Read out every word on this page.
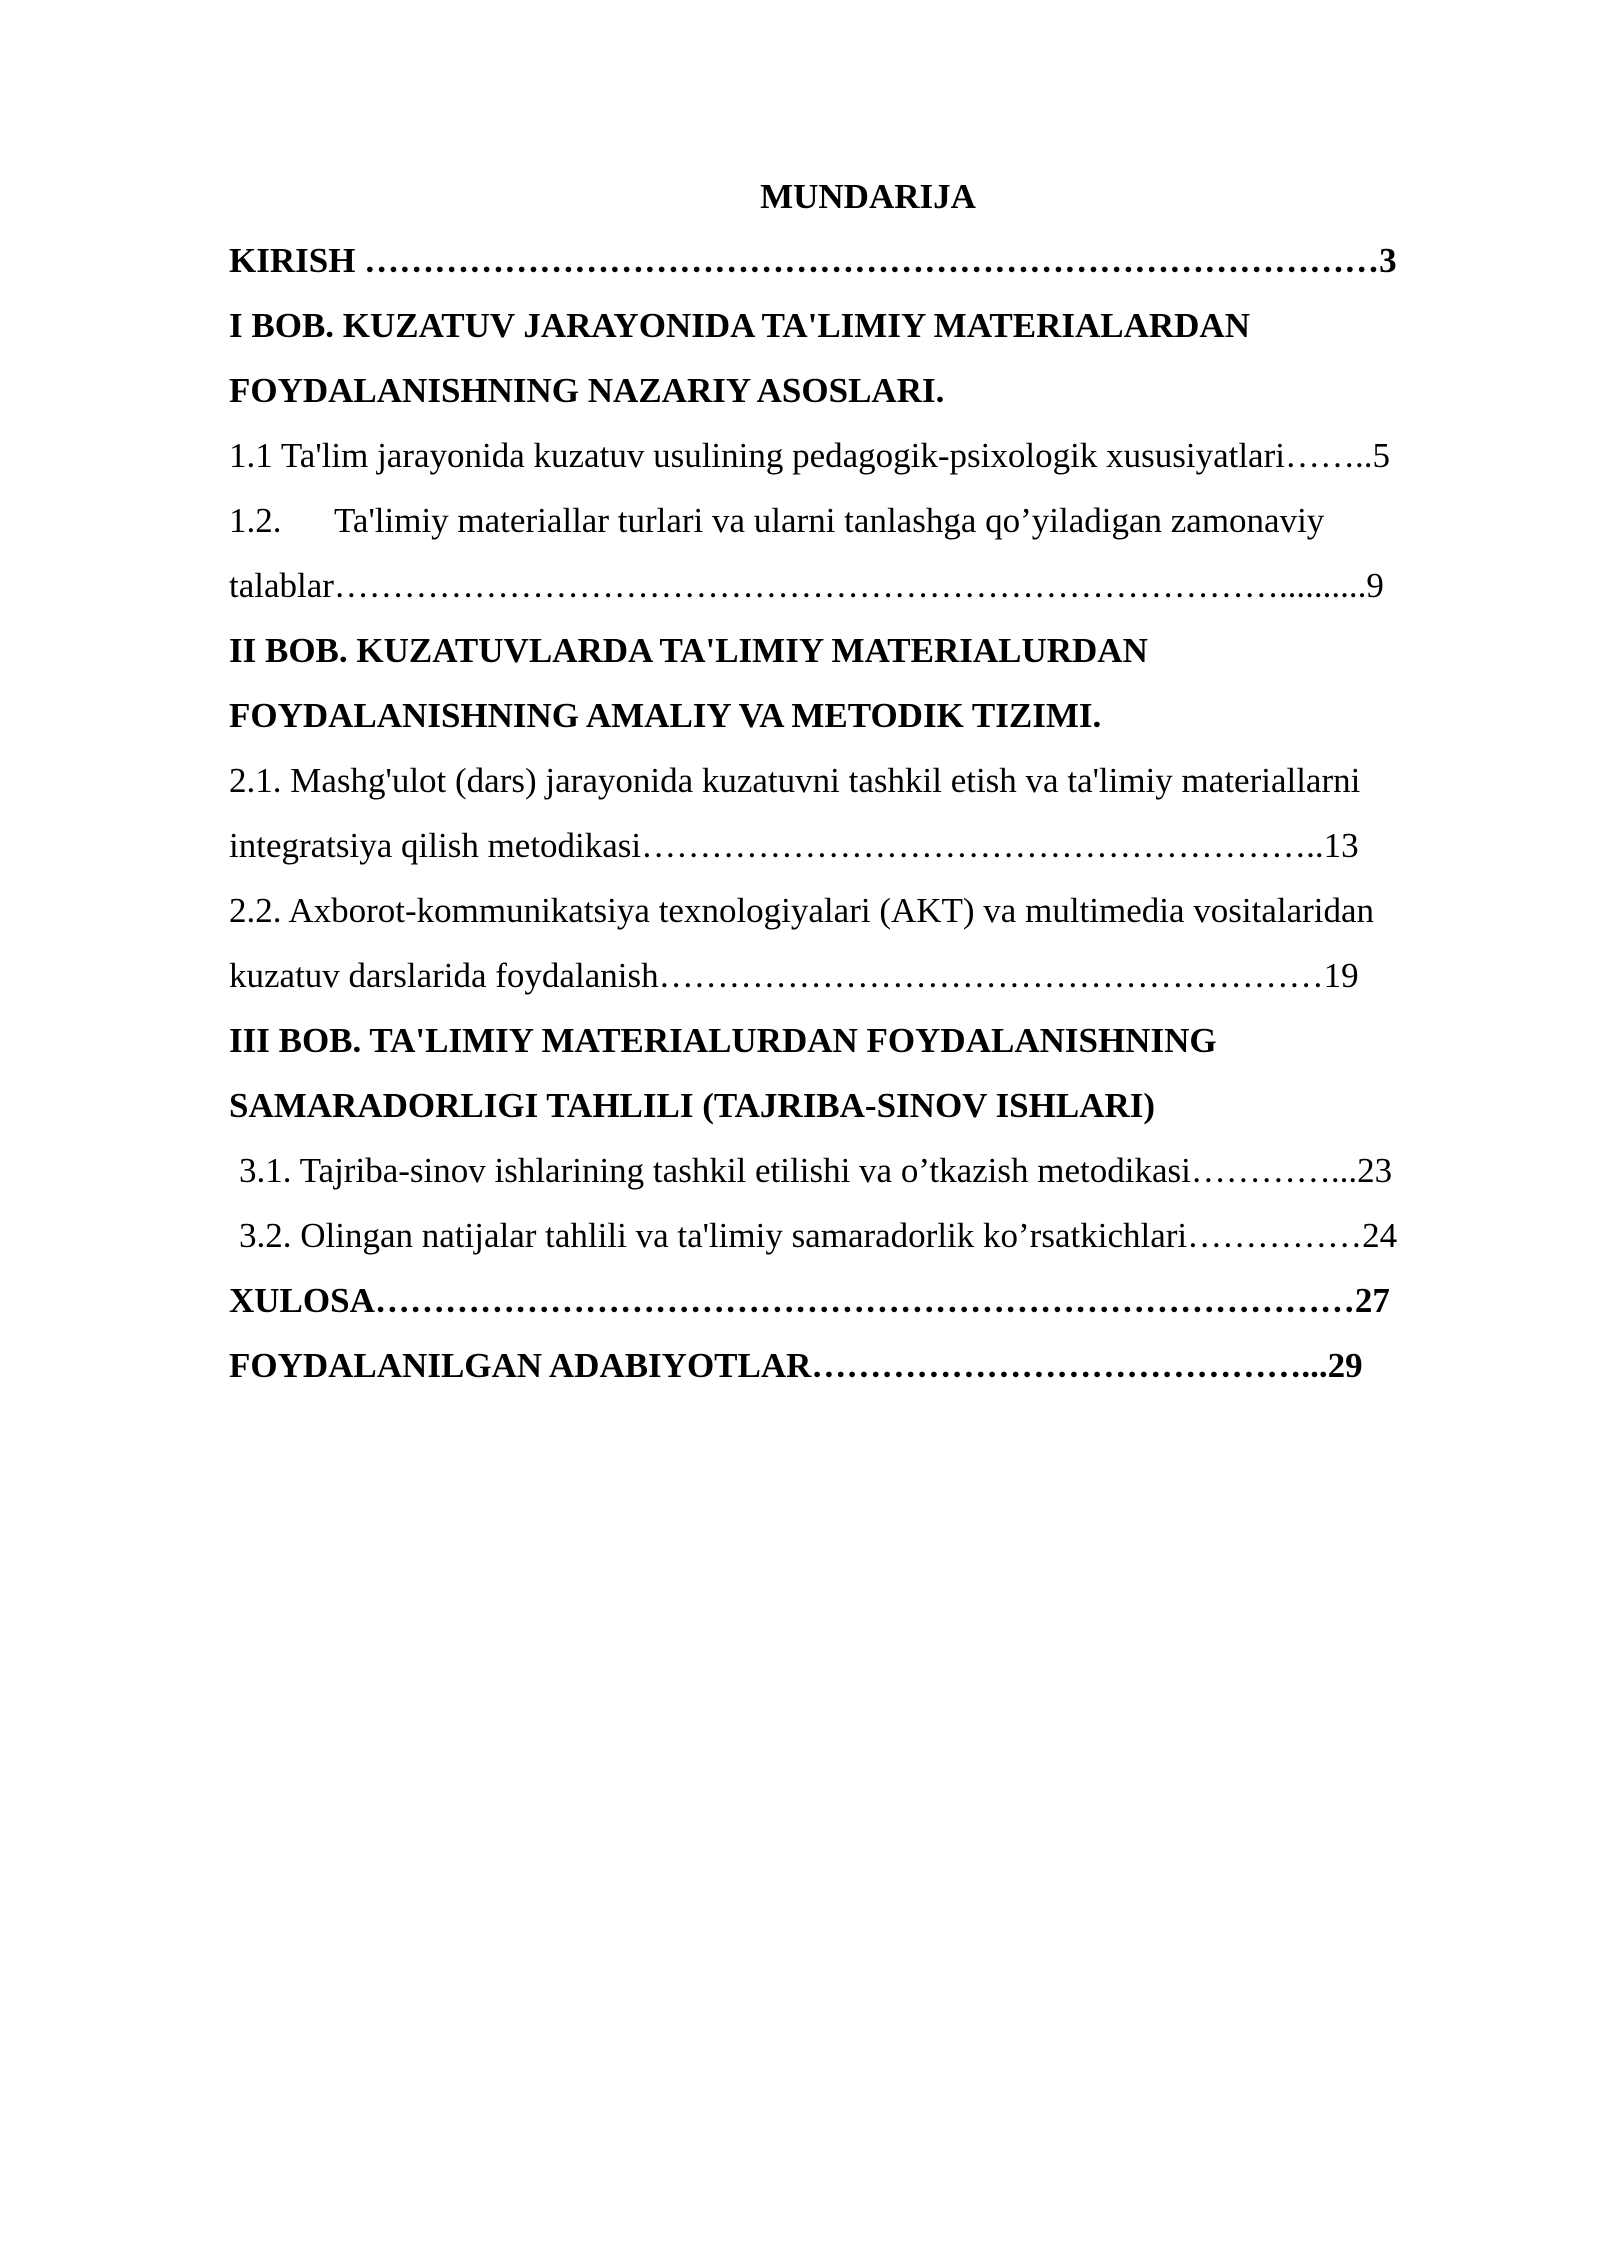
MUNDARIJA
KIRISH ……………………………………………………………………………3
I BOB. KUZATUV JARAYONIDA TA'LIMIY MATERIALARDAN
FOYDALANISHNING NAZARIY ASOSLARI.
1.1 Ta'lim jarayonida kuzatuv usulining pedagogik-psixologik xususiyatlari……..5
1.2.  Ta'limiy materiallar turlari va ularni tanlashga qo’yiladigan zamonaviy
talablar………………………………………………………………………..........9
II BOB. KUZATUVLARDA TA'LIMIY MATERIALURDAN
FOYDALANISHNING AMALIY VA METODIK TIZIMI.
2.1. Mashg'ulot (dars) jarayonida kuzatuvni tashkil etish va ta'limiy materiallarni
integratsiya qilish metodikasi…………………………………………………..13
2.2. Axborot-kommunikatsiya texnologiyalari (AKT) va multimedia vositalaridan
kuzatuv darslarida foydalanish…………………………………………………19
III BOB. TA'LIMIY MATERIALURDAN FOYDALANISHNING
SAMARADORLIGI TAHLILI (TAJRIBA-SINOV ISHLARI)
3.1. Tajriba-sinov ishlarining tashkil etilishi va o’tkazish metodikasi…………...23
3.2. Olingan natijalar tahlili va ta'limiy samaradorlik ko’rsatkichlari……………24
XULOSA…………………………………………………………………………27
FOYDALANILGAN ADABIYOTLAR……………………………………...29
